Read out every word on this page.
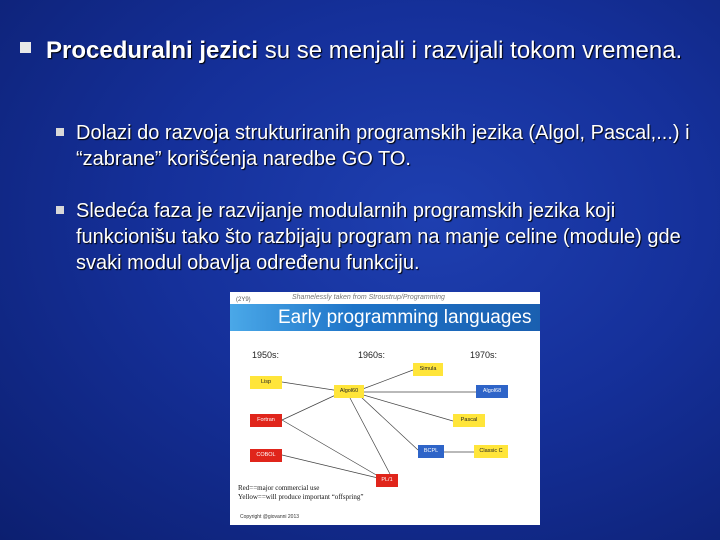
Proceduralni jezici su se menjali i razvijali tokom vremena.
Dolazi do razvoja strukturiranih programskih jezika (Algol, Pascal,...) i “zabrane” korišćenja naredbe GO TO.
Sledeća faza je razvijanje modularnih programskih jezika koji funkcionišu tako što razbijaju program na manje celine (module) gde svaki modul obavlja određenu funkciju.
(2Y9)	Shamelessly taken from Stroustrup/Programming
Early programming languages
1950s:	1960s:	1970s:
Lisp
Fortran
COBOL
Algol60
Simula
Algol68
Pascal
BCPL	Classic C
PL/1
Red==major commercial use
Yellow==will produce important “offspring”
Copyright @giovanni 2013
